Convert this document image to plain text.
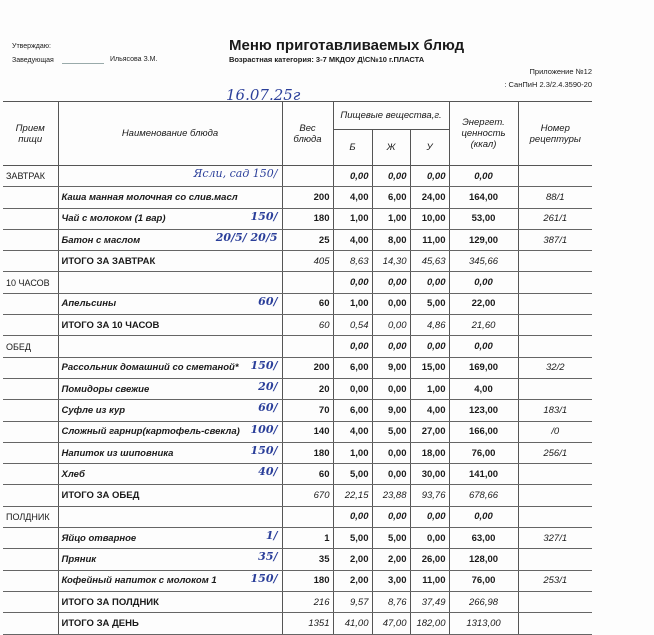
Утверждаю:
Заведующая	Ильясова З.М.
Меню приготавливаемых блюд
Возрастная категория: 3-7 МКДОУ Д\С№10 г.ПЛАСТА
Приложение №12
: СанПиН 2.3/2.4.3590-20
16.07.25г
Прием пищи	Наименование блюда	Вес блюда	Пищевые вещества,г.			Энергет. ценность (ккал)	Номер рецептуры
			Б	Ж	У		
ЗАВТРАК	Ясли, сад 150/		0,00	0,00	0,00	0,00	
	Каша манная молочная со слив.масл	200	4,00	6,00	24,00	164,00	88/1
	Чай с молоком (1 вар) 150/	180	1,00	1,00	10,00	53,00	261/1
	Батон с маслом 20/5/ 20/5	25	4,00	8,00	11,00	129,00	387/1
	ИТОГО ЗА ЗАВТРАК	405	8,63	14,30	45,63	345,66	
10 ЧАСОВ			0,00	0,00	0,00	0,00	
	Апельсины 60/	60	1,00	0,00	5,00	22,00	
	ИТОГО ЗА 10 ЧАСОВ	60	0,54	0,00	4,86	21,60	
ОБЕД			0,00	0,00	0,00	0,00	
	Рассольник домашний со сметаной* 150/	200	6,00	9,00	15,00	169,00	32/2
	Помидоры свежие 20/	20	0,00	0,00	1,00	4,00	
	Суфле из кур 60/	70	6,00	9,00	4,00	123,00	183/1
	Сложный гарнир(картофель-свекла) 100/	140	4,00	5,00	27,00	166,00	/0
	Напиток из шиповника 150/	180	1,00	0,00	18,00	76,00	256/1
	Хлеб 40/	60	5,00	0,00	30,00	141,00	
	ИТОГО ЗА ОБЕД	670	22,15	23,88	93,76	678,66	
ПОЛДНИК			0,00	0,00	0,00	0,00	
	Яйцо отварное 1/	1	5,00	5,00	0,00	63,00	327/1
	Пряник 35/	35	2,00	2,00	26,00	128,00	
	Кофейный напиток с молоком 1 150/	180	2,00	3,00	11,00	76,00	253/1
	ИТОГО ЗА ПОЛДНИК	216	9,57	8,76	37,49	266,98	
	ИТОГО ЗА ДЕНЬ	1351	41,00	47,00	182,00	1313,00	
